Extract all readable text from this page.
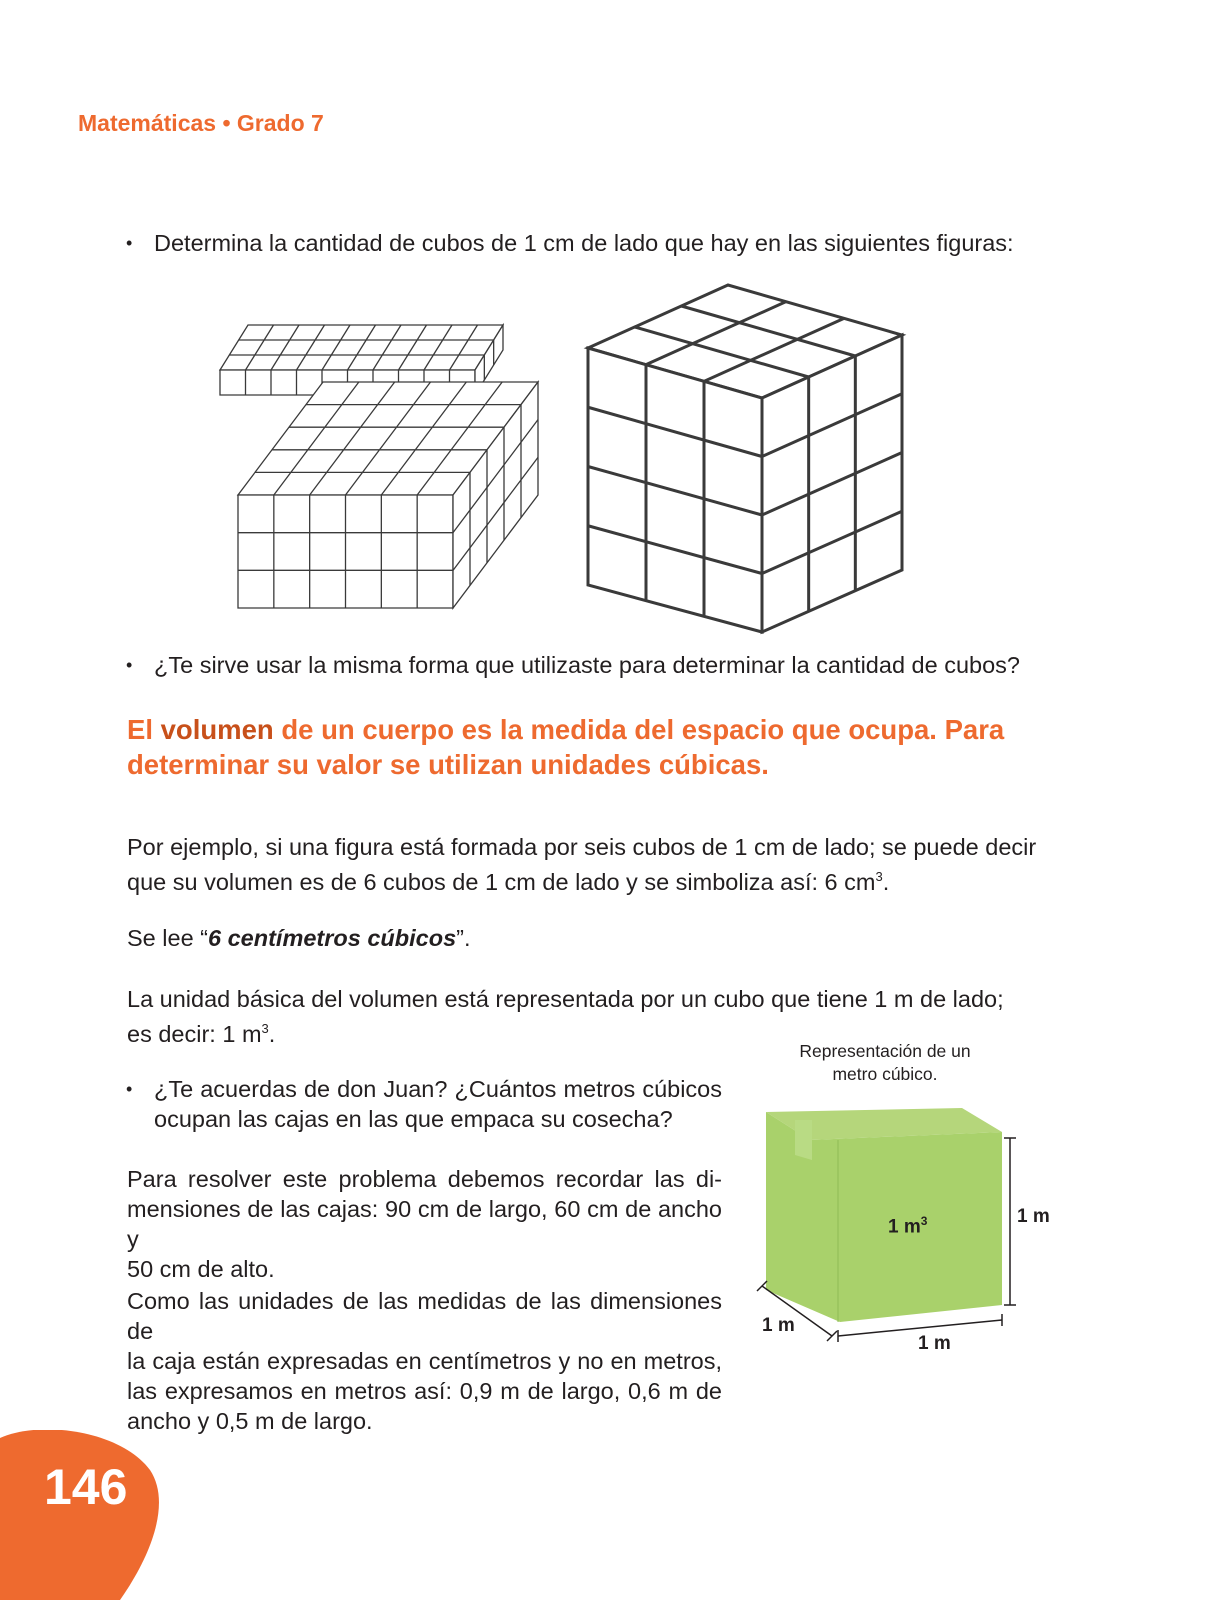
Matemáticas • Grado 7
• Determina la cantidad de cubos de 1 cm de lado que hay en las siguientes figuras:
• ¿Te sirve usar la misma forma que utilizaste para determinar la cantidad de cubos?
El volumen de un cuerpo es la medida del espacio que ocupa. Para
determinar su valor se utilizan unidades cúbicas.
Por ejemplo, si una figura está formada por seis cubos de 1 cm de lado; se puede decir
que su volumen es de 6 cubos de 1 cm de lado y se simboliza así: 6 $cm^3$.
Se lee “6 centímetros cúbicos”.
La unidad básica del volumen está representada por un cubo que tiene 1 m de lado;
es decir: 1 $m^3$.
• ¿Te acuerdas de don Juan? ¿Cuántos metros cúbicos
ocupan las cajas en las que empaca su cosecha?
Para resolver este problema debemos recordar las di-
mensiones de las cajas: 90 cm de largo, 60 cm de ancho y
50 cm de alto.
Como las unidades de las medidas de las dimensiones de
la caja están expresadas en centímetros y no en metros,
las expresamos en metros así: 0,9 m de largo, 0,6 m de
ancho y 0,5 m de largo.
Representación de un
metro cúbico.
1 $m^3$	1 m
1 m
1 m
146
